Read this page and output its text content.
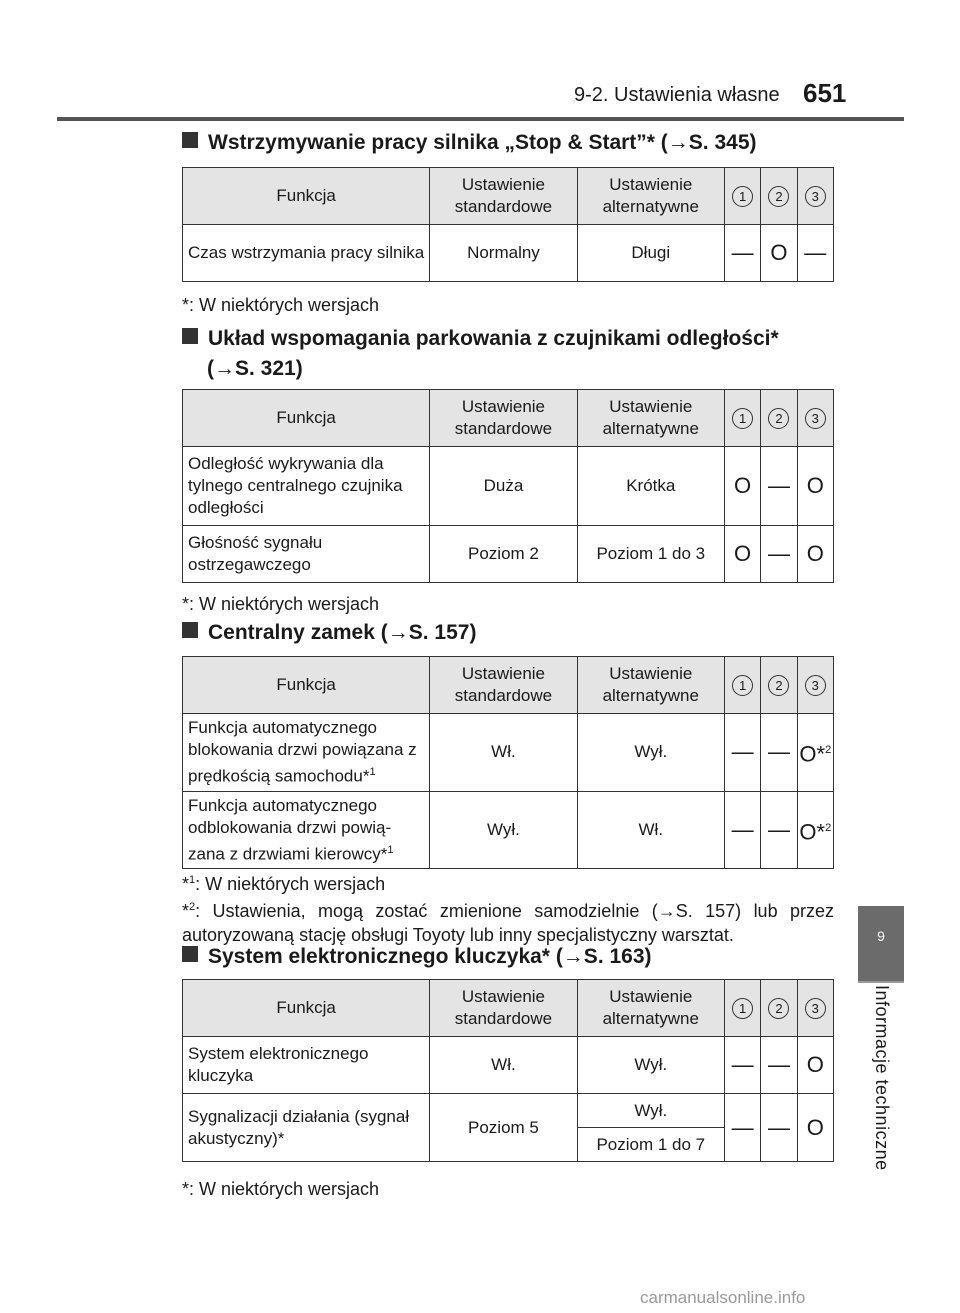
9-2. Ustawienia własne 651
9
Informacje techniczne
Wstrzymywanie pracy silnika „Stop & Start”* (→S. 345)
Funkcja	Ustawienie standardowe	Ustawienie alternatywne	1	2	3
Czas wstrzymania pracy silnika	Normalny	Długi	—	O	—
*: W niektórych wersjach
Układ wspomagania parkowania z czujnikami odległości*
(→S. 321)
Funkcja	Ustawienie standardowe	Ustawienie alternatywne	1	2	3
Odległość wykrywania dla tylnego centralnego czujnika odległości	Duża	Krótka	O	—	O
Głośność sygnału ostrzegawczego	Poziom 2	Poziom 1 do 3	O	—	O
*: W niektórych wersjach
Centralny zamek (→S. 157)
Funkcja	Ustawienie standardowe	Ustawienie alternatywne	1	2	3
Funkcja automatycznego blokowania drzwi powiązana z prędkością samochodu*$^1$	Wł.	Wył.	—	—	O*$^2$
Funkcja automatycznego odblokowania drzwi powią-zana z drzwiami kierowcy*$^1$	Wył.	Wł.	—	—	O*$^2$
*$^1$: W niektórych wersjach
*$^2$: Ustawienia, mogą zostać zmienione samodzielnie (→S. 157) lub przez autoryzowaną stację obsługi Toyoty lub inny specjalistyczny warsztat.
System elektronicznego kluczyka* (→S. 163)
Funkcja	Ustawienie standardowe	Ustawienie alternatywne	1	2	3
System elektronicznego kluczyka	Wł.	Wył.	—	—	O
Sygnalizacji działania (sygnał akustyczny)*	Poziom 5	Wył.	—	—	O
		Poziom 1 do 7			
*: W niektórych wersjach
carmanualsonline.info
